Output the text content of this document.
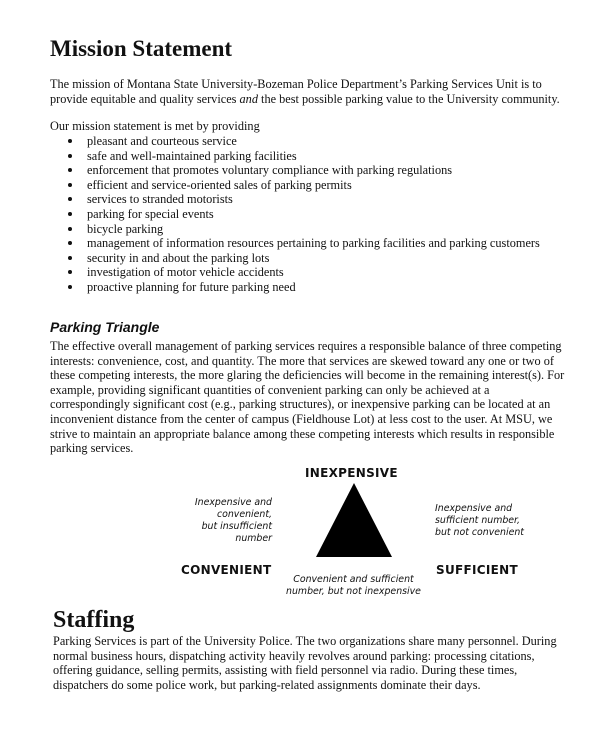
Mission Statement

The mission of Montana State University-Bozeman Police Department’s Parking Services Unit is to provide equitable and quality services and the best possible parking value to the University community.

Our mission statement is met by providing

pleasant and courteous service
safe and well-maintained parking facilities
enforcement that promotes voluntary compliance with parking regulations
efficient and service-oriented sales of parking permits
services to stranded motorists
parking for special events
bicycle parking
management of information resources pertaining to parking facilities and parking customers
security in and about the parking lots
investigation of motor vehicle accidents
proactive planning for future parking need
Parking Triangle

The effective overall management of parking services requires a responsible balance of three competing interests: convenience, cost, and quantity. The more that services are skewed toward any one or two of these competing interests, the more glaring the deficiencies will become in the remaining interest(s). For example, providing significant quantities of convenient parking can only be achieved at a correspondingly significant cost (e.g., parking structures), or inexpensive parking can be located at an inconvenient distance from the center of campus (Fieldhouse Lot) at less cost to the user. At MSU, we strive to maintain an appropriate balance among these competing interests which results in responsible parking services.

INEXPENSIVE
Inexpensive and
convenient,
but insufficient
number
Inexpensive and
sufficient number,
but not convenient
CONVENIENT	SUFFICIENT
Convenient and sufficient
number, but not inexpensive
Staffing

Parking Services is part of the University Police. The two organizations share many personnel. During normal business hours, dispatching activity heavily revolves around parking: processing citations, offering guidance, selling permits, assisting with field personnel via radio. During these times, dispatchers do some police work, but parking-related assignments dominate their days.
